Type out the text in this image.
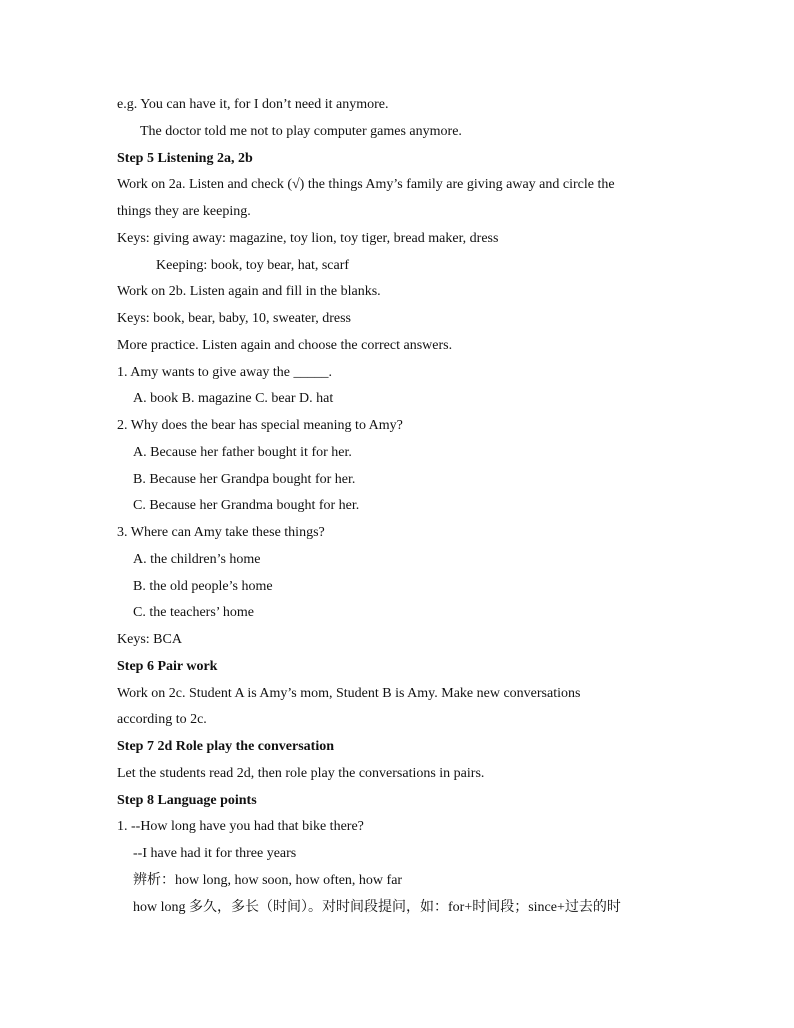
e.g. You can have it, for I don’t need it anymore.
The doctor told me not to play computer games anymore.
Step 5 Listening 2a, 2b
Work on 2a. Listen and check (√) the things Amy’s family are giving away and circle the
things they are keeping.
Keys: giving away: magazine, toy lion, toy tiger, bread maker, dress
Keeping: book, toy bear, hat, scarf
Work on 2b. Listen again and fill in the blanks.
Keys: book, bear, baby, 10, sweater, dress
More practice. Listen again and choose the correct answers.
1. Amy wants to give away the _____.
A. book B. magazine C. bear D. hat
2. Why does the bear has special meaning to Amy?
A. Because her father bought it for her.
B. Because her Grandpa bought for her.
C. Because her Grandma bought for her.
3. Where can Amy take these things?
A. the children’s home
B. the old people’s home
C. the teachers’ home
Keys: BCA
Step 6 Pair work
Work on 2c. Student A is Amy’s mom, Student B is Amy. Make new conversations
according to 2c.
Step 7 2d Role play the conversation
Let the students read 2d, then role play the conversations in pairs.
Step 8 Language points
1. --How long have you had that bike there?
--I have had it for three years
辨析：how long, how soon, how often, how far
how long 多久，多长（时间）。对时间段提问，如：for+时间段；since+过去的时
